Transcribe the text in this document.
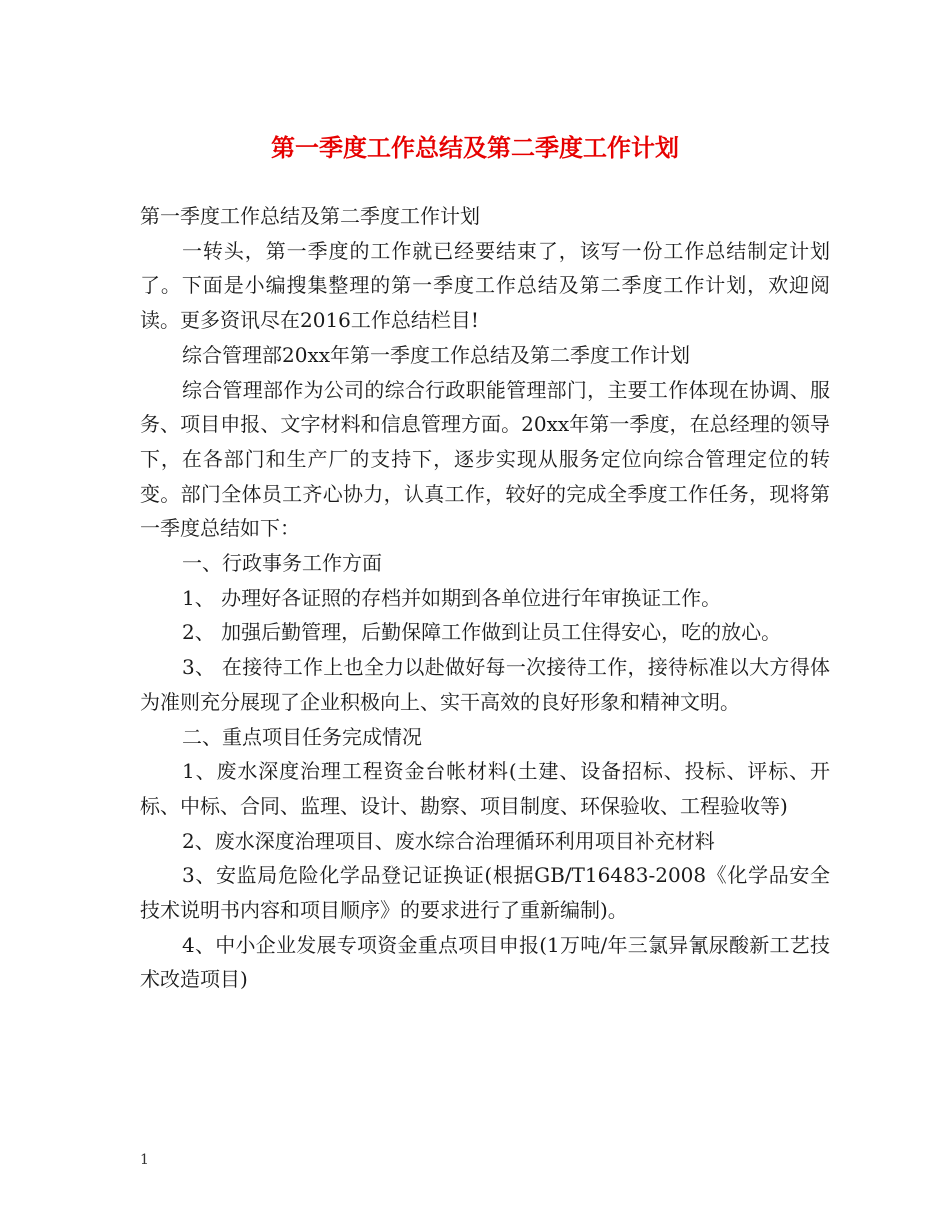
第一季度工作总结及第二季度工作计划

第一季度工作总结及第二季度工作计划

一转头，第一季度的工作就已经要结束了，该写一份工作总结制定计划了。下面是小编搜集整理的第一季度工作总结及第二季度工作计划，欢迎阅读。更多资讯尽在2016工作总结栏目!

综合管理部20xx年第一季度工作总结及第二季度工作计划

综合管理部作为公司的综合行政职能管理部门，主要工作体现在协调、服务、项目申报、文字材料和信息管理方面。20xx年第一季度，在总经理的领导下，在各部门和生产厂的支持下，逐步实现从服务定位向综合管理定位的转变。部门全体员工齐心协力，认真工作，较好的完成全季度工作任务，现将第一季度总结如下：

一、行政事务工作方面

1、 办理好各证照的存档并如期到各单位进行年审换证工作。

2、 加强后勤管理，后勤保障工作做到让员工住得安心，吃的放心。

3、 在接待工作上也全力以赴做好每一次接待工作，接待标准以大方得体为准则充分展现了企业积极向上、实干高效的良好形象和精神文明。

二、重点项目任务完成情况

1、废水深度治理工程资金台帐材料(土建、设备招标、投标、评标、开标、中标、合同、监理、设计、勘察、项目制度、环保验收、工程验收等)

2、废水深度治理项目、废水综合治理循环利用项目补充材料

3、安监局危险化学品登记证换证(根据GB/T16483-2008《化学品安全技术说明书内容和项目顺序》的要求进行了重新编制)。

4、中小企业发展专项资金重点项目申报(1万吨/年三氯异氰尿酸新工艺技术改造项目)

1
